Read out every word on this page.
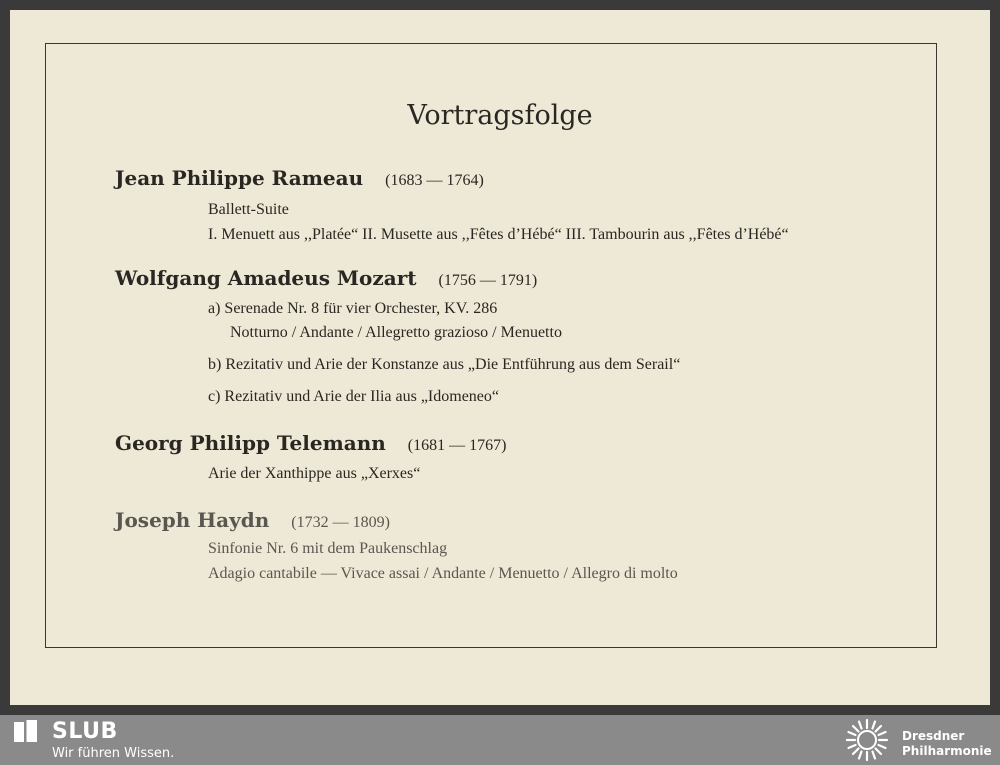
Vortragsfolge
Jean Philippe Rameau (1683 — 1764)
Ballett-Suite
I. Menuett aus ,,Platée“ II. Musette aus ,,Fêtes d’Hébé“ III. Tambourin aus ,,Fêtes d’Hébé“
Wolfgang Amadeus Mozart (1756 — 1791)
a) Serenade Nr. 8 für vier Orchester, KV. 286
Notturno / Andante / Allegretto grazioso / Menuetto
b) Rezitativ und Arie der Konstanze aus „Die Entführung aus dem Serail“
c) Rezitativ und Arie der Ilia aus „Idomeneo“
Georg Philipp Telemann (1681 — 1767)
Arie der Xanthippe aus „Xerxes“
Joseph Haydn (1732 — 1809)
Sinfonie Nr. 6 mit dem Paukenschlag
Adagio cantabile — Vivace assai / Andante / Menuetto / Allegro di molto
SLUB
Wir führen Wissen.
Dresdner
Philharmonie
